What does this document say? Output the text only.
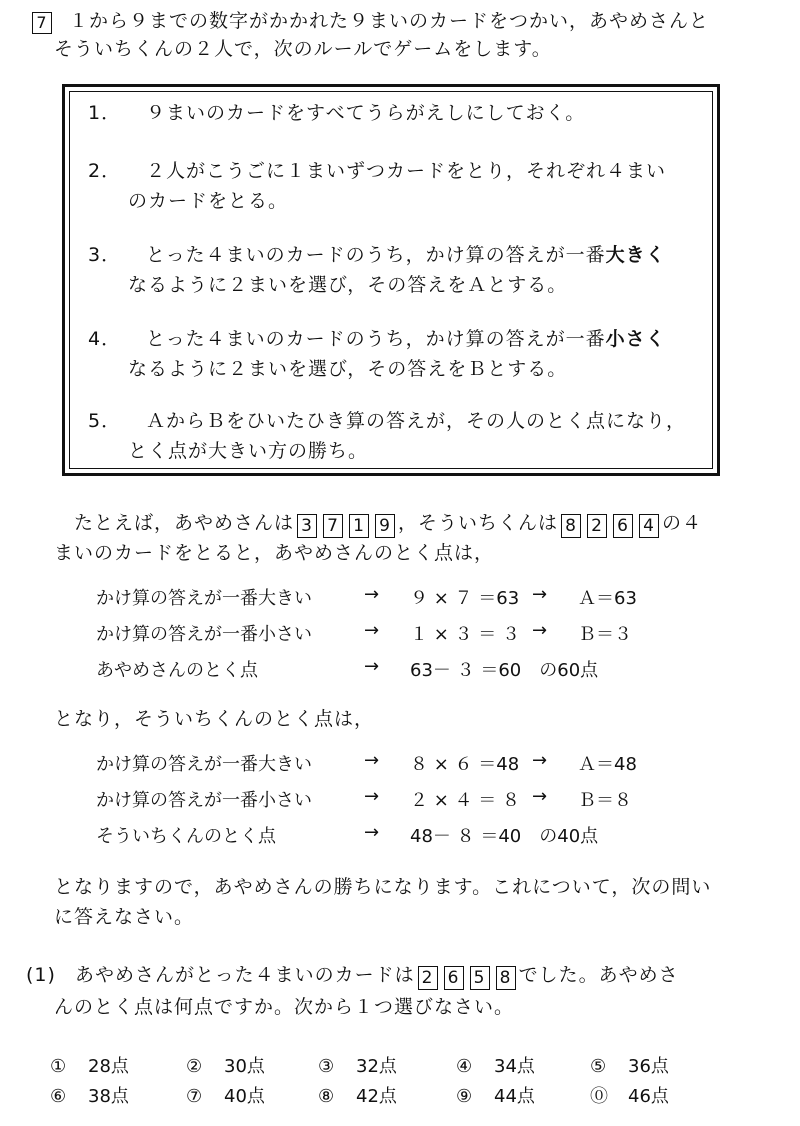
7 １から９までの数字がかかれた９まいのカードをつかい，あやめさんと
そういちくんの２人で，次のルールでゲームをします。
1． ９まいのカードをすべてうらがえしにしておく。
2． ２人がこうごに１まいずつカードをとり，それぞれ４まい
のカードをとる。
3． とった４まいのカードのうち，かけ算の答えが一番大きく
なるように２まいを選び，その答えをＡとする。
4． とった４まいのカードのうち，かけ算の答えが一番小さく
なるように２まいを選び，その答えをＢとする。
5． ＡからＢをひいたひき算の答えが，その人のとく点になり，
とく点が大きい方の勝ち。
たとえば，あやめさんは 3 7 1 9 ，そういちくんは 8 2 6 4 の４
まいのカードをとると，あやめさんのとく点は，
かけ算の答えが一番大きい	→ ９ × ７ ＝63 → Ａ＝63
かけ算の答えが一番小さい	→ １ × ３ ＝ ３ → Ｂ＝３
あやめさんのとく点	→ 63－ ３ ＝60　の60点
となり，そういちくんのとく点は，
かけ算の答えが一番大きい	→ ８ × ６ ＝48 → Ａ＝48
かけ算の答えが一番小さい	→ ２ × ４ ＝ ８ → Ｂ＝８
そういちくんのとく点	→ 48－ ８ ＝40　の40点
となりますので，あやめさんの勝ちになります。これについて，次の問い
に答えなさい。
(1) あやめさんがとった４まいのカードは 2 6 5 8 でした。あやめさ
んのとく点は何点ですか。次から１つ選びなさい。
① 28点	② 30点	③ 32点	④ 34点	⑤ 36点
⑥ 38点	⑦ 40点	⑧ 42点	⑨ 44点	⓪ 46点
